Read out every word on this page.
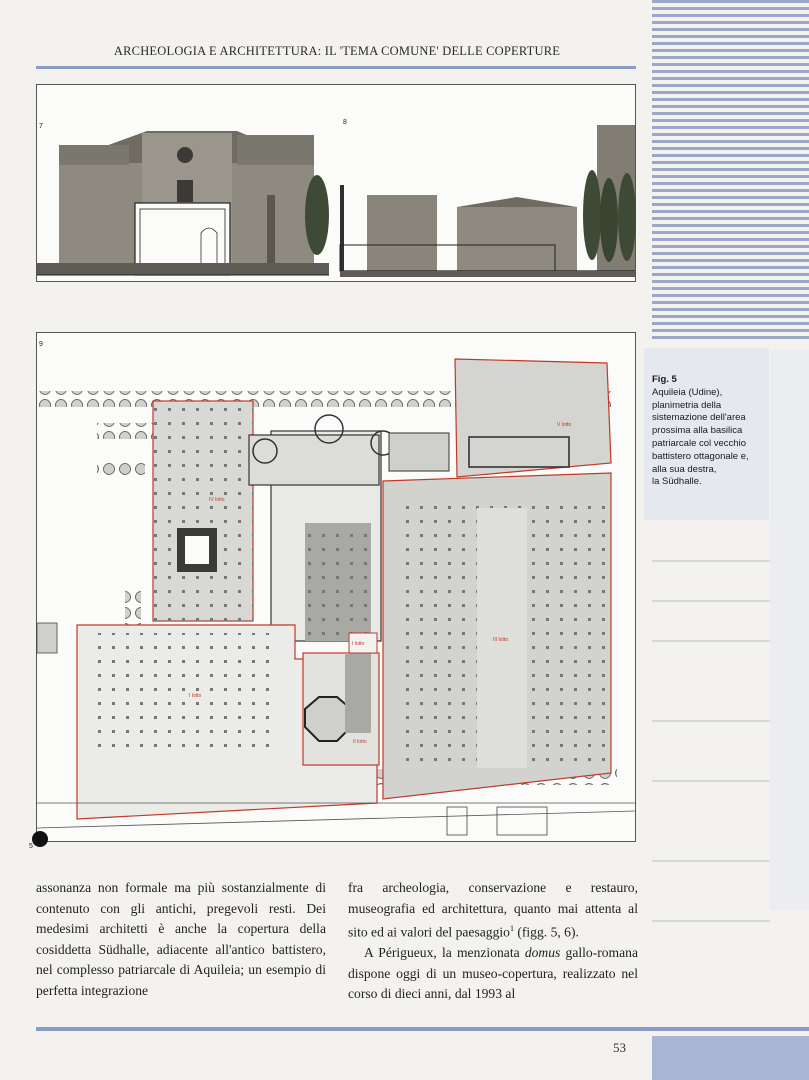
ARCHEOLOGIA E ARCHITETTURA: IL 'TEMA COMUNE' DELLE COPERTURE
7
8
9
V lotto
IV lotto
III lotto
I lotto
I lotto
II lotto
5
Fig. 5
Aquileia (Udine),
planimetria della
sistemazione dell'area
prossima alla basilica
patriarcale col vecchio
battistero ottagonale e,
alla sua destra,
la Südhalle.

assonanza non formale ma più sostanzialmente di contenuto con gli antichi, pregevoli resti. Dei medesimi architetti è anche la copertura della cosiddetta Südhalle, adiacente all'antico battistero, nel complesso patriarcale di Aquileia; un esempio di perfetta integrazione

fra archeologia, conservazione e restauro, museografia ed architettura, quanto mai attenta al sito ed ai valori del paesaggio$^1$ (figg. 5, 6).

A Périgueux, la menzionata domus gallo-romana dispone oggi di un museo-copertura, realizzato nel corso di dieci anni, dal 1993 al

53
